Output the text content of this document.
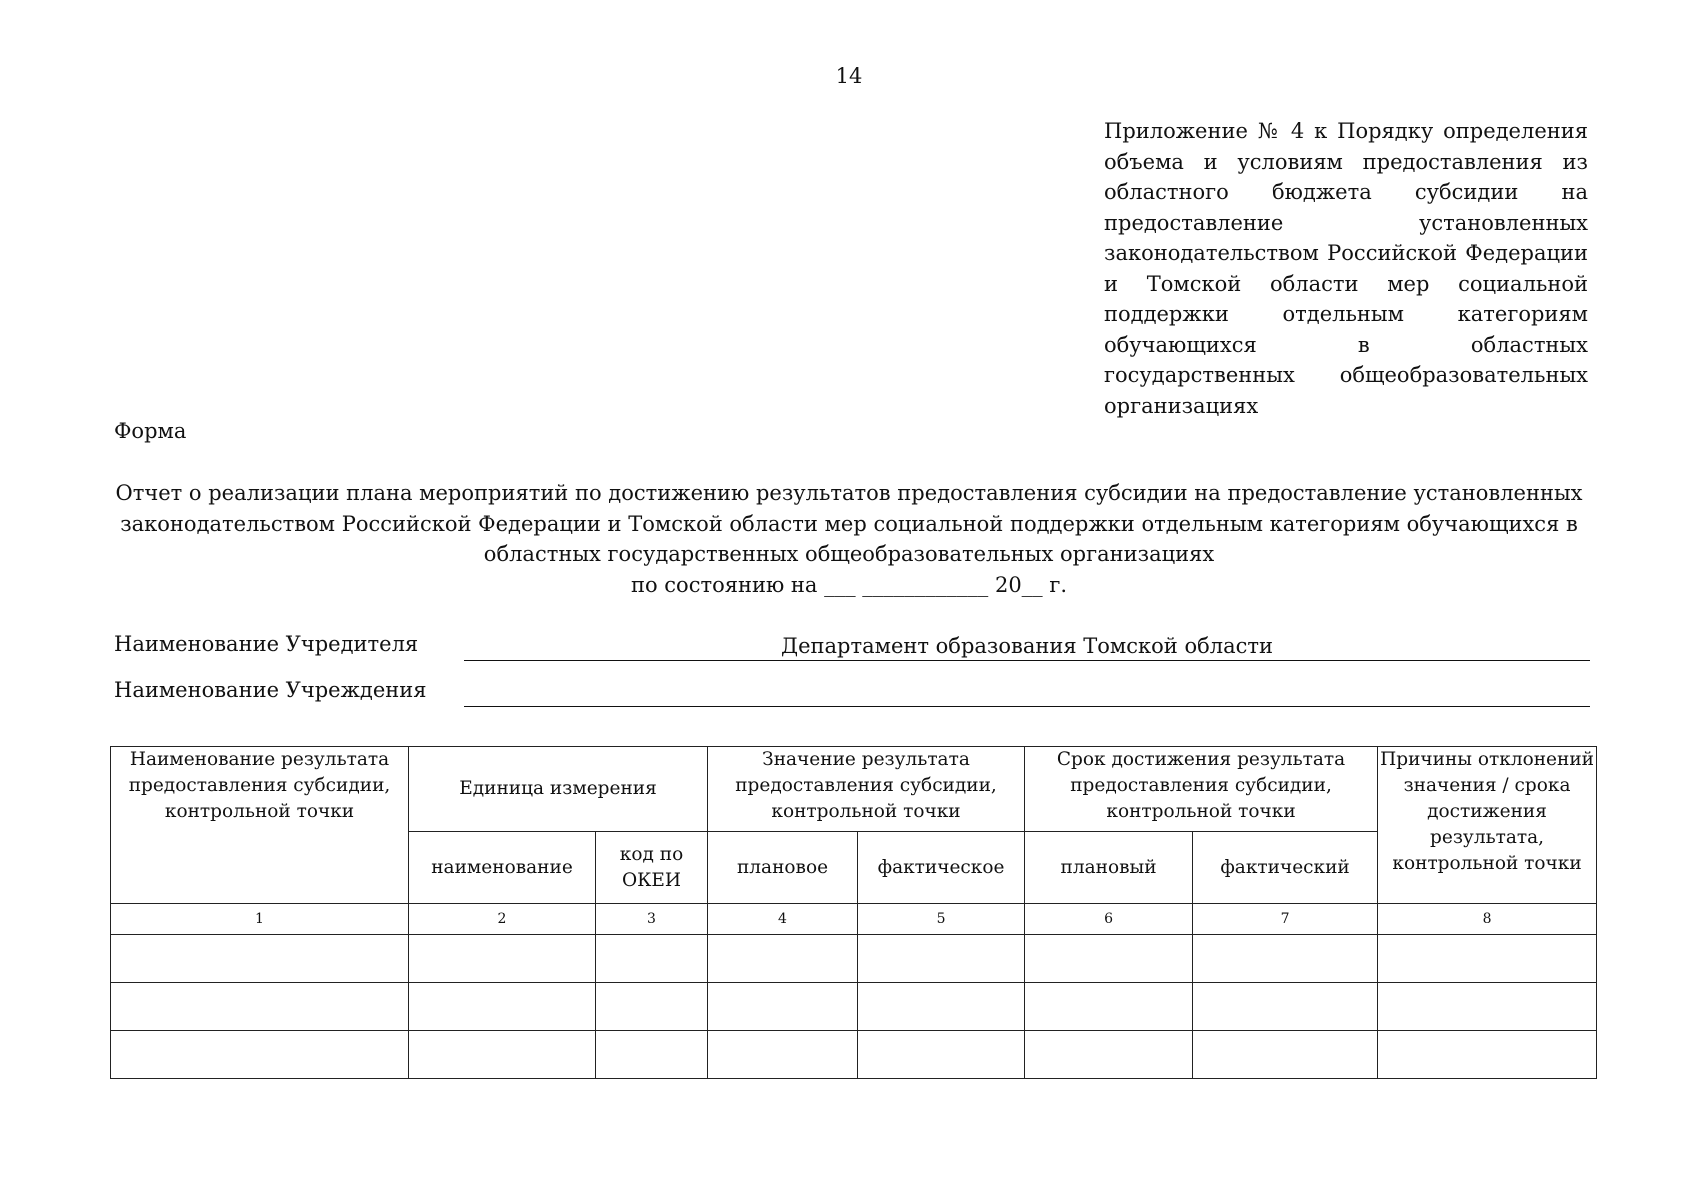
14
Приложение № 4 к Порядку определения объема и условиям предоставления из областного бюджета субсидии на предоставление установленных законодательством Российской Федерации и Томской области мер социальной поддержки отдельным категориям обучающихся в областных государственных общеобразовательных организациях
Форма
Отчет о реализации плана мероприятий по достижению результатов предоставления субсидии на предоставление установленных
законодательством Российской Федерации и Томской области мер социальной поддержки отдельным категориям обучающихся в
областных государственных общеобразовательных организациях
по состоянию на ___ ____________ 20__ г.
Наименование Учредителя	Департамент образования Томской области
Наименование Учреждения
Наименование результата предоставления субсидии, контрольной точки	Единица измерения		Значение результата предоставления субсидии, контрольной точки		Срок достижения результата предоставления субсидии, контрольной точки		Причины отклонений значения / срока достижения результата, контрольной точки
	наименование	код по ОКЕИ	плановое	фактическое	плановый	фактический	
1	2	3	4	5	6	7	8
